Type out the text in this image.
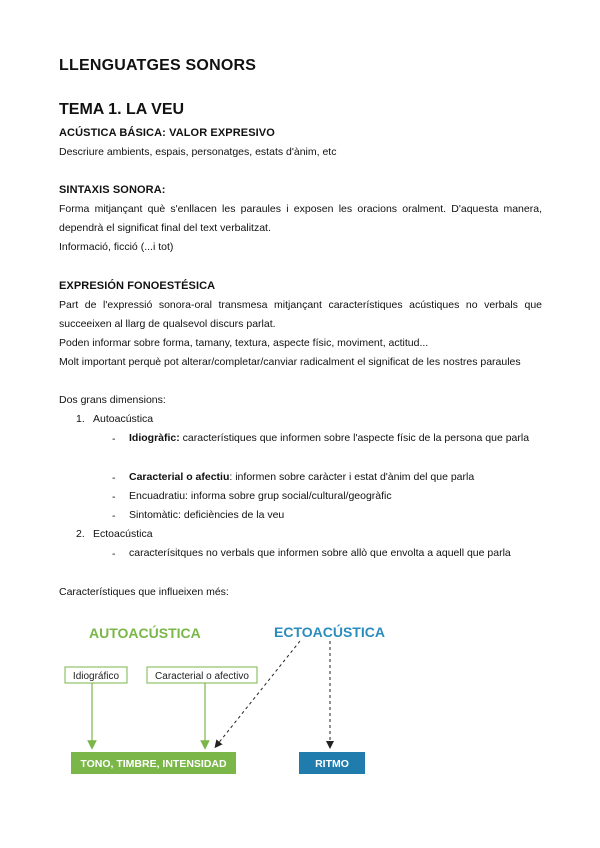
LLENGUATGES SONORS
TEMA 1. LA VEU
ACÚSTICA BÁSICA: VALOR EXPRESIVO
Descriure ambients, espais, personatges, estats d'ànim, etc
SINTAXIS SONORA:
Forma mitjançant què s'enllacen les paraules i exposen les oracions oralment. D'aquesta manera, dependrà el significat final del text verbalitzat.
Informació, ficció (...i tot)
EXPRESIÓN FONOESTÉSICA
Part de l'expressió sonora-oral transmesa mitjançant característiques acústiques no verbals que succeeixen al llarg de qualsevol discurs parlat.
Poden informar sobre forma, tamany, textura, aspecte físic, moviment, actitud...
Molt important perquè pot alterar/completar/canviar radicalment el significat de les nostres paraules
Dos grans dimensions:
1. Autoacústica
- Idiogràfic: característiques que informen sobre l'aspecte físic de la persona que parla
- Caracterial o afectiu: informen sobre caràcter i estat d'ànim del que parla
- Encuadratiu: informa sobre grup social/cultural/geogràfic
- Sintomàtic: deficiències de la veu
2. Ectoacústica
- caracterísitques no verbals que informen sobre allò que envolta a aquell que parla
Característiques que influeixen més:
AUTOACÚSTICA	ECTOACÚSTICA
Idiográfico	Caracterial o afectivo
TONO, TIMBRE, INTENSIDAD	RITMO
